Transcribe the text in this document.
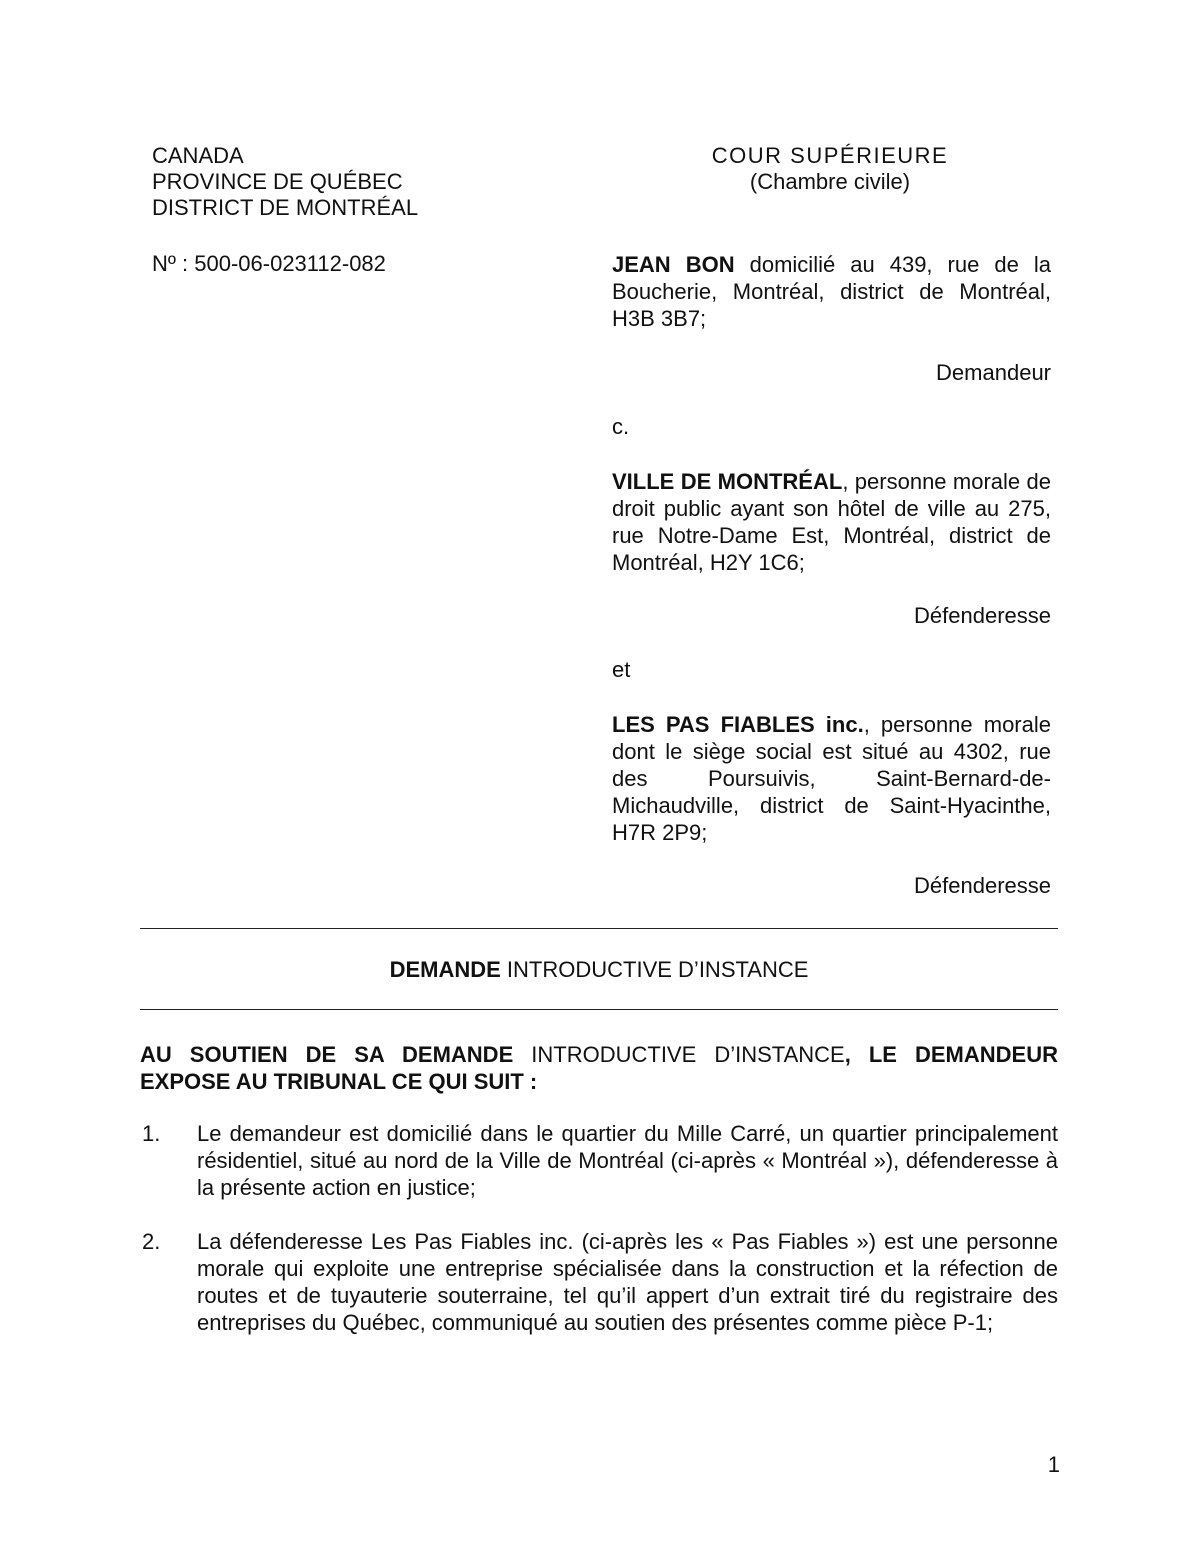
CANADA
PROVINCE DE QUÉBEC
DISTRICT DE MONTRÉAL
Nº : 500-06-023112-082
COUR SUPÉRIEURE
(Chambre civile)
JEAN BON domicilié au 439, rue de la Boucherie, Montréal, district de Montréal, H3B 3B7;
Demandeur
c.
VILLE DE MONTRÉAL, personne morale de droit public ayant son hôtel de ville au 275, rue Notre-Dame Est, Montréal, district de Montréal, H2Y 1C6;
Défenderesse
et
LES PAS FIABLES inc., personne morale dont le siège social est situé au 4302, rue des Poursuivis, Saint-Bernard-de-Michaudville, district de Saint-Hyacinthe, H7R 2P9;
Défenderesse
DEMANDE INTRODUCTIVE D’INSTANCE
AU SOUTIEN DE SA DEMANDE INTRODUCTIVE D’INSTANCE, LE DEMANDEUR EXPOSE AU TRIBUNAL CE QUI SUIT :
1. Le demandeur est domicilié dans le quartier du Mille Carré, un quartier principalement résidentiel, situé au nord de la Ville de Montréal (ci-après « Montréal »), défenderesse à la présente action en justice;
2. La défenderesse Les Pas Fiables inc. (ci-après les « Pas Fiables ») est une personne morale qui exploite une entreprise spécialisée dans la construction et la réfection de routes et de tuyauterie souterraine, tel qu’il appert d’un extrait tiré du registraire des entreprises du Québec, communiqué au soutien des présentes comme pièce P-1;
1
